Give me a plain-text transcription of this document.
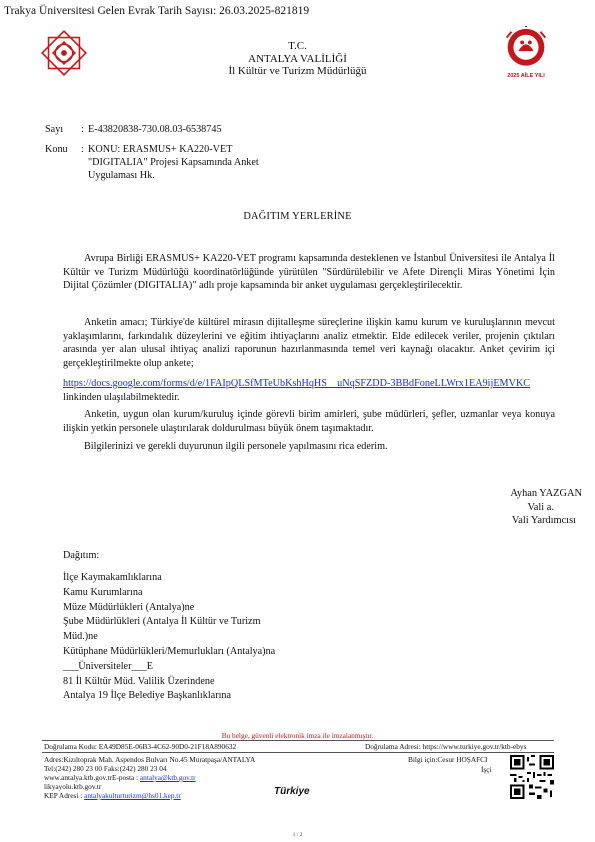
Trakya Üniversitesi Gelen Evrak Tarih Sayısı: 26.03.2025-821819
T.C.
ANTALYA VALİLİĞİ
İl Kültür ve Turizm Müdürlüğü	2025 AİLE YILI
Sayı : E-43820838-730.08.03-6538745
Konu : KONU: ERASMUS+ KA220-VET
"DIGITALIA" Projesi Kapsamında Anket
Uygulaması Hk.
DAĞITIM YERLERİNE

Avrupa Birliği ERASMUS+ KA220-VET programı kapsamında desteklenen ve İstanbul Üniversitesi ile Antalya İl Kültür ve Turizm Müdürlüğü koordinatörlüğünde yürütülen "Sürdürülebilir ve Afete Dirençli Miras Yönetimi İçin Dijital Çözümler (DIGITALIA)" adlı proje kapsamında bir anket uygulaması gerçekleştirilecektir.

Anketin amacı; Türkiye'de kültürel mirasın dijitalleşme süreçlerine ilişkin kamu kurum ve kuruluşlarının mevcut yaklaşımlarını, farkındalık düzeylerini ve eğitim ihtiyaçlarını analiz etmektir. Elde edilecek veriler, projenin çıktıları arasında yer alan ulusal ihtiyaç analizi raporunun hazırlanmasında temel veri kaynağı olacaktır. Anket çevirim içi gerçekleştirilmekte olup ankete;

https://docs.google.com/forms/d/e/1FAIpQLSfMTeUbKshHqHS__uNqSFZDD-3BBdFoneLLWrx1EA9ijEMVKC
linkinden ulaşılabilmektedir.

Anketin, uygun olan kurum/kuruluş içinde görevli birim amirleri, şube müdürleri, şefler, uzmanlar veya konuya ilişkin yetkin personele ulaştırılarak doldurulması büyük önem taşımaktadır.

Bilgilerinizi ve gerekli duyurunun ilgili personele yapılmasını rica ederim.

Ayhan YAZGAN
Vali a.
Vali Yardımcısı
Dağıtım:
İlçe Kaymakamlıklarına
Kamu Kurumlarına
Müze Müdürlükleri (Antalya)ne
Şube Müdürlükleri (Antalya İl Kültür ve Turizm
Müd.)ne
Kütüphane Müdürlükleri/Memurlukları (Antalya)na
___Üniversiteler___E
81 İl Kültür Müd. Valilik Üzerindene
Antalya 19 İlçe Belediye Başkanlıklarına
Bu belge, güvenli elektronik imza ile imzalanmıştır.
Doğrulama Kodu: EA49D85E-06B3-4C62-90D0-21F18A890632	Doğrulama Adresi: https://www.turkiye.gov.tr/ktb-ebys
Adres:Kızıltoprak Mah. Aspendos Bulvarı No.45 Muratpaşa/ANTALYA
Tel:(242) 280 23 00 Faks:(242) 280 23 04
www.antalya.ktb.gov.trE-posta : antalya@ktb.gov.tr
likyayolu.ktb.gov.tr
KEP Adresi : antalyakulturturizm@hs01.kep.tr
Bilgi için:Cesur HOŞAFCI
İşçi
Türkiye
1 / 2
